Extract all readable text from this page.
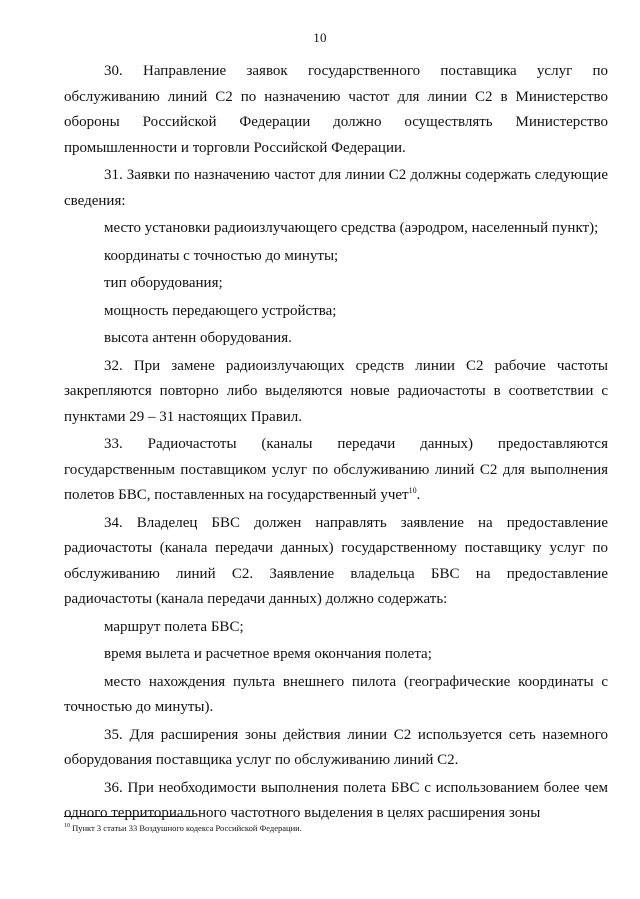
10

30. Направление заявок государственного поставщика услуг по обслуживанию линий С2 по назначению частот для линии С2 в Министерство обороны Российской Федерации должно осуществлять Министерство промышленности и торговли Российской Федерации.

31. Заявки по назначению частот для линии С2 должны содержать следующие сведения:

место установки радиоизлучающего средства (аэродром, населенный пункт);

координаты с точностью до минуты;

тип оборудования;

мощность передающего устройства;

высота антенн оборудования.

32. При замене радиоизлучающих средств линии С2 рабочие частоты закрепляются повторно либо выделяются новые радиочастоты в соответствии с пунктами 29 – 31 настоящих Правил.

33. Радиочастоты (каналы передачи данных) предоставляются государственным поставщиком услуг по обслуживанию линий С2 для выполнения полетов БВС, поставленных на государственный учет$^{10}$.

34. Владелец БВС должен направлять заявление на предоставление радиочастоты (канала передачи данных) государственному поставщику услуг по обслуживанию линий С2. Заявление владельца БВС на предоставление радиочастоты (канала передачи данных) должно содержать:

маршрут полета БВС;

время вылета и расчетное время окончания полета;

место нахождения пульта внешнего пилота (географические координаты с точностью до минуты).

35. Для расширения зоны действия линии С2 используется сеть наземного оборудования поставщика услуг по обслуживанию линий С2.

36. При необходимости выполнения полета БВС с использованием более чем одного территориального частотного выделения в целях расширения зоны

$^{10}$ Пункт 3 статьи 33 Воздушного кодекса Российской Федерации.
